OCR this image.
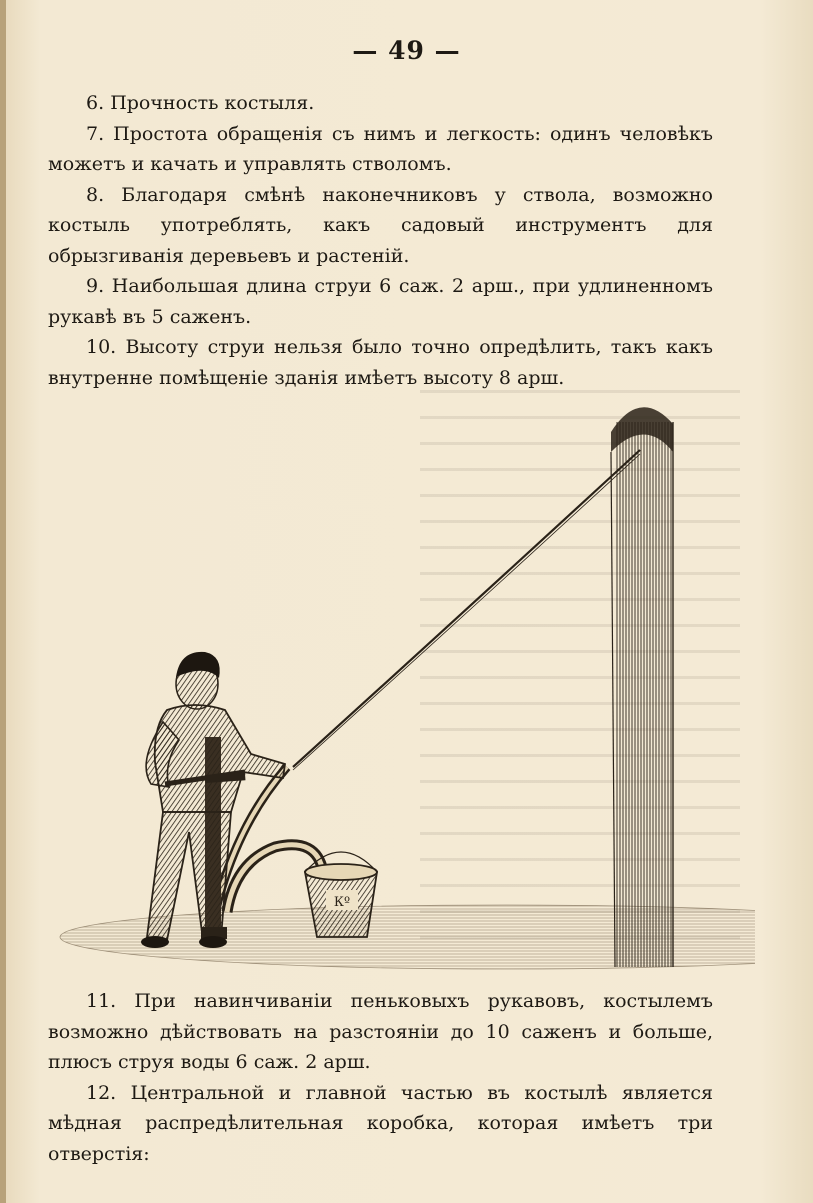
— 49 —

6. Прочность костыля.

7. Простота обращенія съ нимъ и легкость: одинъ человѣкъ можетъ и качать и управлять стволомъ.

8. Благодаря смѣнѣ наконечниковъ у ствола, возможно костыль употреблять, какъ садовый инструментъ для обрызгиванія деревьевъ и растеній.

9. Наибольшая длина струи 6 саж. 2 арш., при удлиненномъ рукавѣ въ 5 саженъ.

10. Высоту струи нельзя было точно опредѣлить, такъ какъ внутренне помѣщеніе зданія имѣетъ высоту 8 арш.

Кº

11. При навинчиваніи пеньковыхъ рукавовъ, костылемъ возможно дѣйствовать на разстояніи до 10 саженъ и больше, плюсъ струя воды 6 саж. 2 арш.

12. Центральной и главной частью въ костылѣ является мѣдная распредѣлительная коробка, которая имѣетъ три отверстія:
